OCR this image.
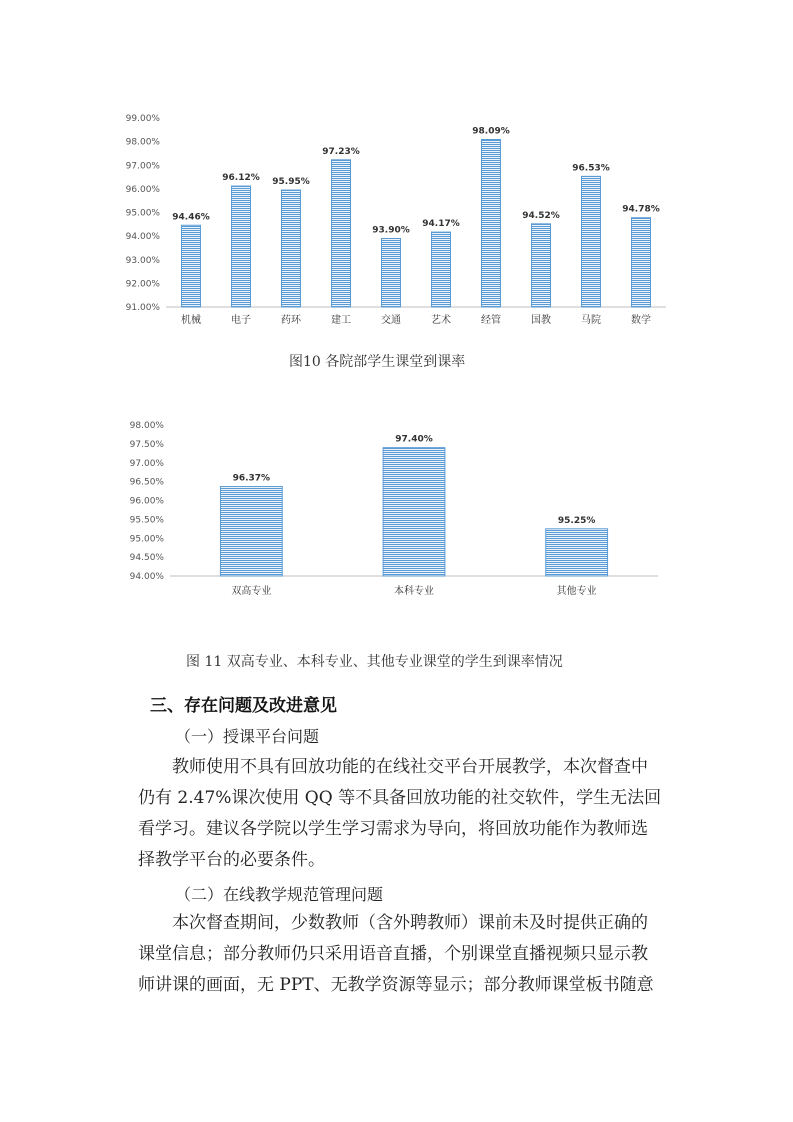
91.00%
92.00%
93.00%
94.00%
95.00%
96.00%
97.00%
98.00%
99.00%
94.46%
机械
96.12%
电子
95.95%
药环
97.23%
建工
93.90%
交通
94.17%
艺术
98.09%
经管
94.52%
国教
96.53%
马院
94.78%
数学
94.00%
94.50%
95.00%
95.50%
96.00%
96.50%
97.00%
97.50%
98.00%
96.37%
双高专业
97.40%
本科专业
95.25%
其他专业
图10 各院部学生课堂到课率
图 11 双高专业、本科专业、其他专业课堂的学生到课率情况
三、存在问题及改进意见
（一）授课平台问题
教师使用不具有回放功能的在线社交平台开展教学，本次督查中
仍有 2.47%课次使用 QQ 等不具备回放功能的社交软件，学生无法回
看学习。建议各学院以学生学习需求为导向，将回放功能作为教师选
择教学平台的必要条件。
（二）在线教学规范管理问题
本次督查期间，少数教师（含外聘教师）课前未及时提供正确的
课堂信息；部分教师仍只采用语音直播，个别课堂直播视频只显示教
师讲课的画面，无 PPT、无教学资源等显示；部分教师课堂板书随意
